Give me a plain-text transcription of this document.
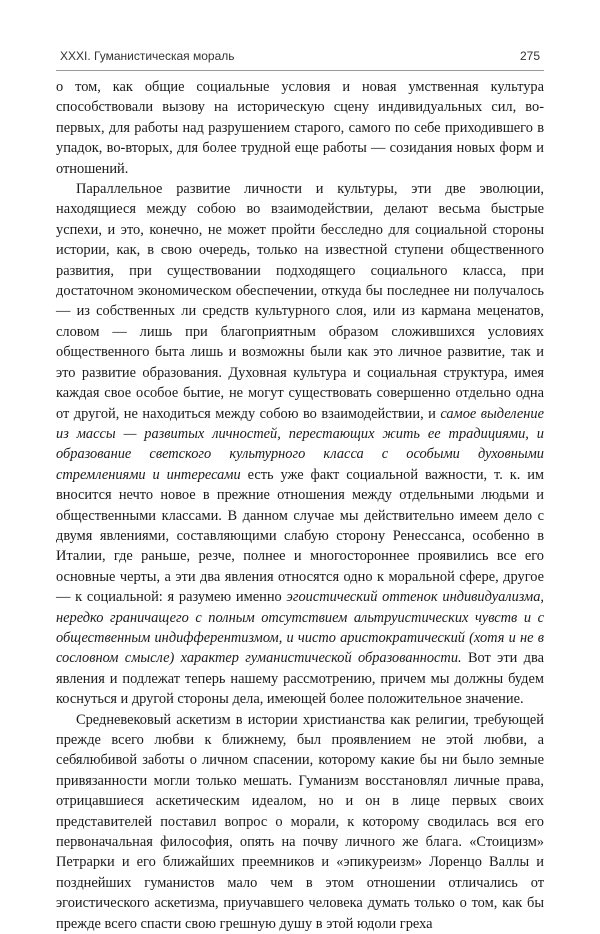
XXXI. Гуманистическая мораль	275

о том, как общие социальные условия и новая умственная культура способствовали вызову на историческую сцену индивидуальных сил, во-первых, для работы над разрушением старого, самого по себе приходившего в упадок, во-вторых, для более трудной еще работы — созидания новых форм и отношений.

Параллельное развитие личности и культуры, эти две эволюции, находящиеся между собою во взаимодействии, делают весьма быстрые успехи, и это, конечно, не может пройти бесследно для социальной стороны истории, как, в свою очередь, только на известной ступени общественного развития, при существовании подходящего социального класса, при достаточном экономическом обеспечении, откуда бы последнее ни получалось — из собственных ли средств культурного слоя, или из кармана меценатов, словом — лишь при благоприятным образом сложившихся условиях общественного быта лишь и возможны были как это личное развитие, так и это развитие образования. Духовная культура и социальная структура, имея каждая свое особое бытие, не могут существовать совершенно отдельно одна от другой, не находиться между собою во взаимодействии, и самое выделение из массы — развитых личностей, перестающих жить ее традициями, и образование светского культурного класса с особыми духовными стремлениями и интересами есть уже факт социальной важности, т. к. им вносится нечто новое в прежние отношения между отдельными людьми и общественными классами. В данном случае мы действительно имеем дело с двумя явлениями, составляющими слабую сторону Ренессанса, особенно в Италии, где раньше, резче, полнее и многостороннее проявились все его основные черты, а эти два явления относятся одно к моральной сфере, другое — к социальной: я разумею именно эгоистический оттенок индивидуализма, нередко граничащего с полным отсутствием альтруистических чувств и с общественным индифферентизмом, и чисто аристократический (хотя и не в сословном смысле) характер гуманистической образованности. Вот эти два явления и подлежат теперь нашему рассмотрению, причем мы должны будем коснуться и другой стороны дела, имеющей более положительное значение.

Средневековый аскетизм в истории христианства как религии, требующей прежде всего любви к ближнему, был проявлением не этой любви, а себялюбивой заботы о личном спасении, которому какие бы ни было земные привязанности могли только мешать. Гуманизм восстановлял личные права, отрицавшиеся аскетическим идеалом, но и он в лице первых своих представителей поставил вопрос о морали, к которому сводилась вся его первоначальная философия, опять на почву личного же блага. «Стоицизм» Петрарки и его ближайших преемников и «эпикуреизм» Лоренцо Валлы и позднейших гуманистов мало чем в этом отношении отличались от эгоистического аскетизма, приучавшего человека думать только о том, как бы прежде всего спасти свою грешную душу в этой юдоли греха
